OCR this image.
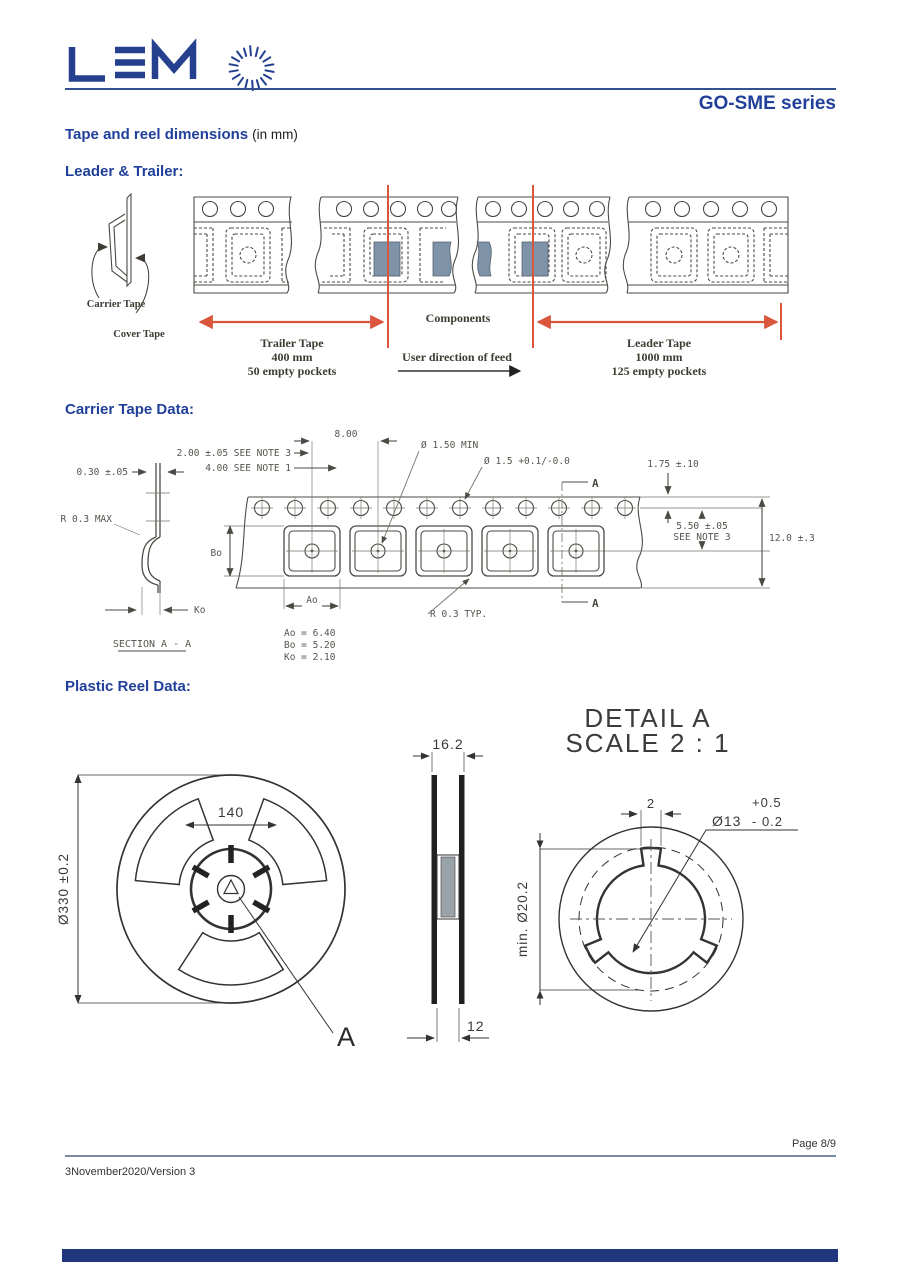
GO-SME series
Tape and reel dimensions (in mm)
Leader & Trailer:
Carrier Tape
Cover Tape
Trailer Tape
400 mm
50 empty pockets
Components
User direction of feed
Leader Tape
1000 mm
125 empty pockets
Carrier Tape Data:
0.30 ±.05
R 0.3 MAX
Ko
SECTION A - A
8.00
2.00 ±.05 SEE NOTE 3
4.00 SEE NOTE 1
Ø 1.50 MIN
Ø 1.5 +0.1/-0.0	1.75 ±.10
5.50 ±.05
SEE NOTE 3	12.0 ±.3
Bo
Ao
R 0.3 TYP.
A
A
Ao = 6.40
Bo = 5.20
Ko = 2.10
Plastic Reel Data:
DETAIL A
SCALE 2 : 1
140
Ø330 ±0.2
A
16.2
12
2	+0.5
Ø13 - 0.2
min. Ø20.2
Page 8/9
3November2020/Version 3
